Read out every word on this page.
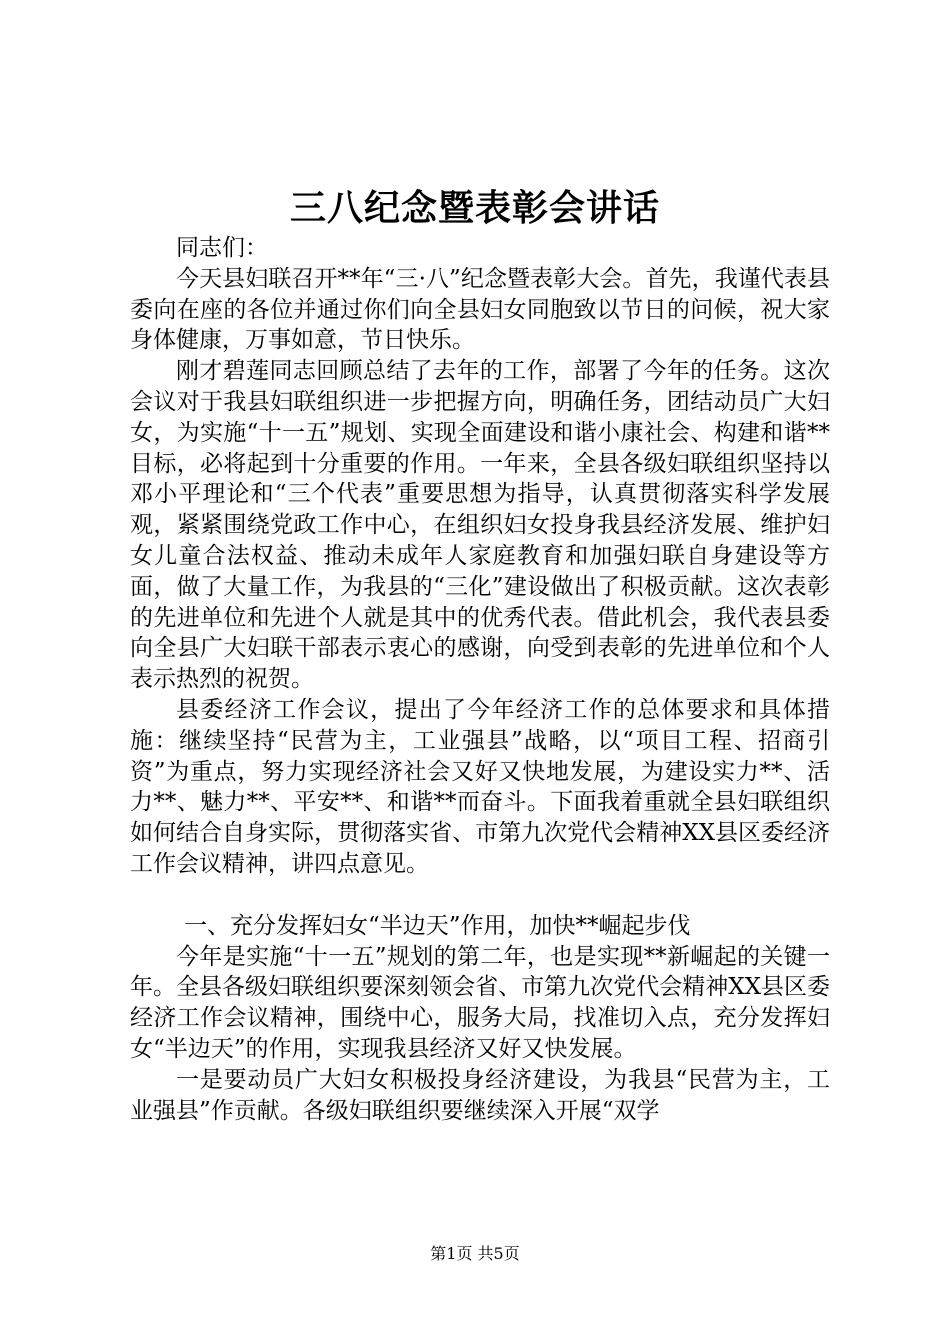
三八纪念暨表彰会讲话

同志们：

今天县妇联召开**年“三·八”纪念暨表彰大会。首先，我谨代表县委向在座的各位并通过你们向全县妇女同胞致以节日的问候，祝大家身体健康，万事如意，节日快乐。

刚才碧莲同志回顾总结了去年的工作，部署了今年的任务。这次会议对于我县妇联组织进一步把握方向，明确任务，团结动员广大妇女，为实施“十一五”规划、实现全面建设和谐小康社会、构建和谐**目标，必将起到十分重要的作用。一年来，全县各级妇联组织坚持以邓小平理论和“三个代表”重要思想为指导，认真贯彻落实科学发展观，紧紧围绕党政工作中心，在组织妇女投身我县经济发展、维护妇女儿童合法权益、推动未成年人家庭教育和加强妇联自身建设等方面，做了大量工作，为我县的“三化”建设做出了积极贡献。这次表彰的先进单位和先进个人就是其中的优秀代表。借此机会，我代表县委向全县广大妇联干部表示衷心的感谢，向受到表彰的先进单位和个人表示热烈的祝贺。

县委经济工作会议，提出了今年经济工作的总体要求和具体措施：继续坚持“民营为主，工业强县”战略，以“项目工程、招商引资”为重点，努力实现经济社会又好又快地发展，为建设实力**、活力**、魅力**、平安**、和谐**而奋斗。下面我着重就全县妇联组织如何结合自身实际，贯彻落实省、市第九次党代会精神XX县区委经济工作会议精神，讲四点意见。

一、充分发挥妇女“半边天”作用，加快**崛起步伐

今年是实施“十一五”规划的第二年，也是实现**新崛起的关键一年。全县各级妇联组织要深刻领会省、市第九次党代会精神XX县区委经济工作会议精神，围绕中心，服务大局，找准切入点，充分发挥妇女“半边天”的作用，实现我县经济又好又快发展。

一是要动员广大妇女积极投身经济建设，为我县“民营为主，工业强县”作贡献。各级妇联组织要继续深入开展“双学

第1页 共5页
